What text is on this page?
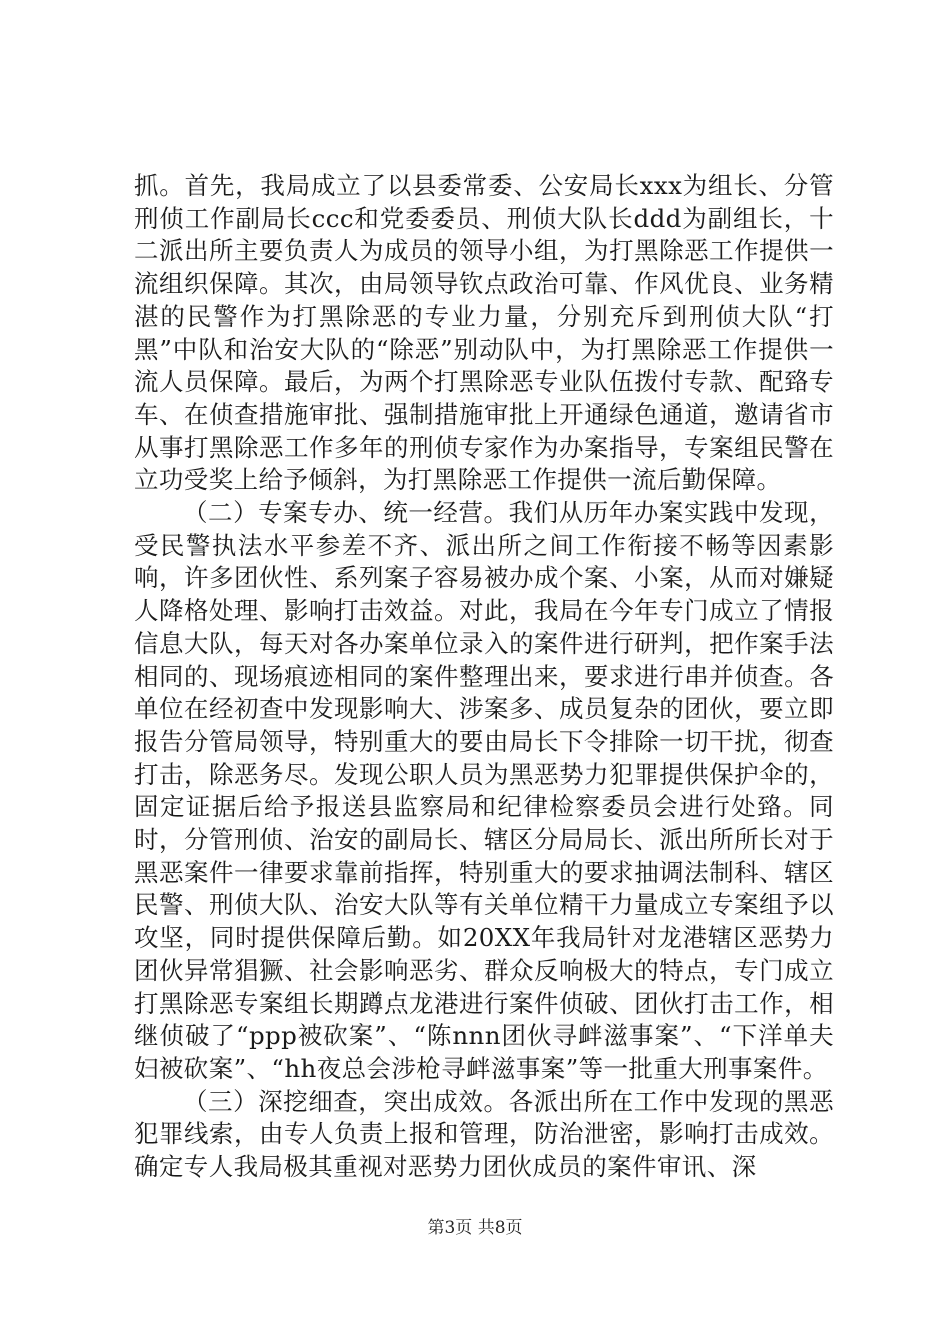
抓。首先，我局成立了以县委常委、公安局长xxx为组长、分管刑侦工作副局长ccc和党委委员、刑侦大队长ddd为副组长，十二派出所主要负责人为成员的领导小组，为打黑除恶工作提供一流组织保障。其次，由局领导钦点政治可靠、作风优良、业务精湛的民警作为打黑除恶的专业力量，分别充斥到刑侦大队“打黑”中队和治安大队的“除恶”别动队中，为打黑除恶工作提供一流人员保障。最后，为两个打黑除恶专业队伍拨付专款、配臵专车、在侦查措施审批、强制措施审批上开通绿色通道，邀请省市从事打黑除恶工作多年的刑侦专家作为办案指导，专案组民警在立功受奖上给予倾斜，为打黑除恶工作提供一流后勤保障。

（二）专案专办、统一经营。我们从历年办案实践中发现，受民警执法水平参差不齐、派出所之间工作衔接不畅等因素影响，许多团伙性、系列案子容易被办成个案、小案，从而对嫌疑人降格处理、影响打击效益。对此，我局在今年专门成立了情报信息大队，每天对各办案单位录入的案件进行研判，把作案手法相同的、现场痕迹相同的案件整理出来，要求进行串并侦查。各单位在经初查中发现影响大、涉案多、成员复杂的团伙，要立即报告分管局领导，特别重大的要由局长下令排除一切干扰，彻查打击，除恶务尽。发现公职人员为黑恶势力犯罪提供保护伞的，固定证据后给予报送县监察局和纪律检察委员会进行处臵。同时，分管刑侦、治安的副局长、辖区分局局长、派出所所长对于黑恶案件一律要求靠前指挥，特别重大的要求抽调法制科、辖区民警、刑侦大队、治安大队等有关单位精干力量成立专案组予以攻坚，同时提供保障后勤。如20XX年我局针对龙港辖区恶势力团伙异常猖獗、社会影响恶劣、群众反响极大的特点，专门成立打黑除恶专案组长期蹲点龙港进行案件侦破、团伙打击工作，相继侦破了“ppp被砍案”、“陈nnn团伙寻衅滋事案”、“下洋单夫妇被砍案”、“hh夜总会涉枪寻衅滋事案”等一批重大刑事案件。

（三）深挖细查，突出成效。各派出所在工作中发现的黑恶犯罪线索，由专人负责上报和管理，防治泄密，影响打击成效。确定专人我局极其重视对恶势力团伙成员的案件审讯、深

第3页 共8页
